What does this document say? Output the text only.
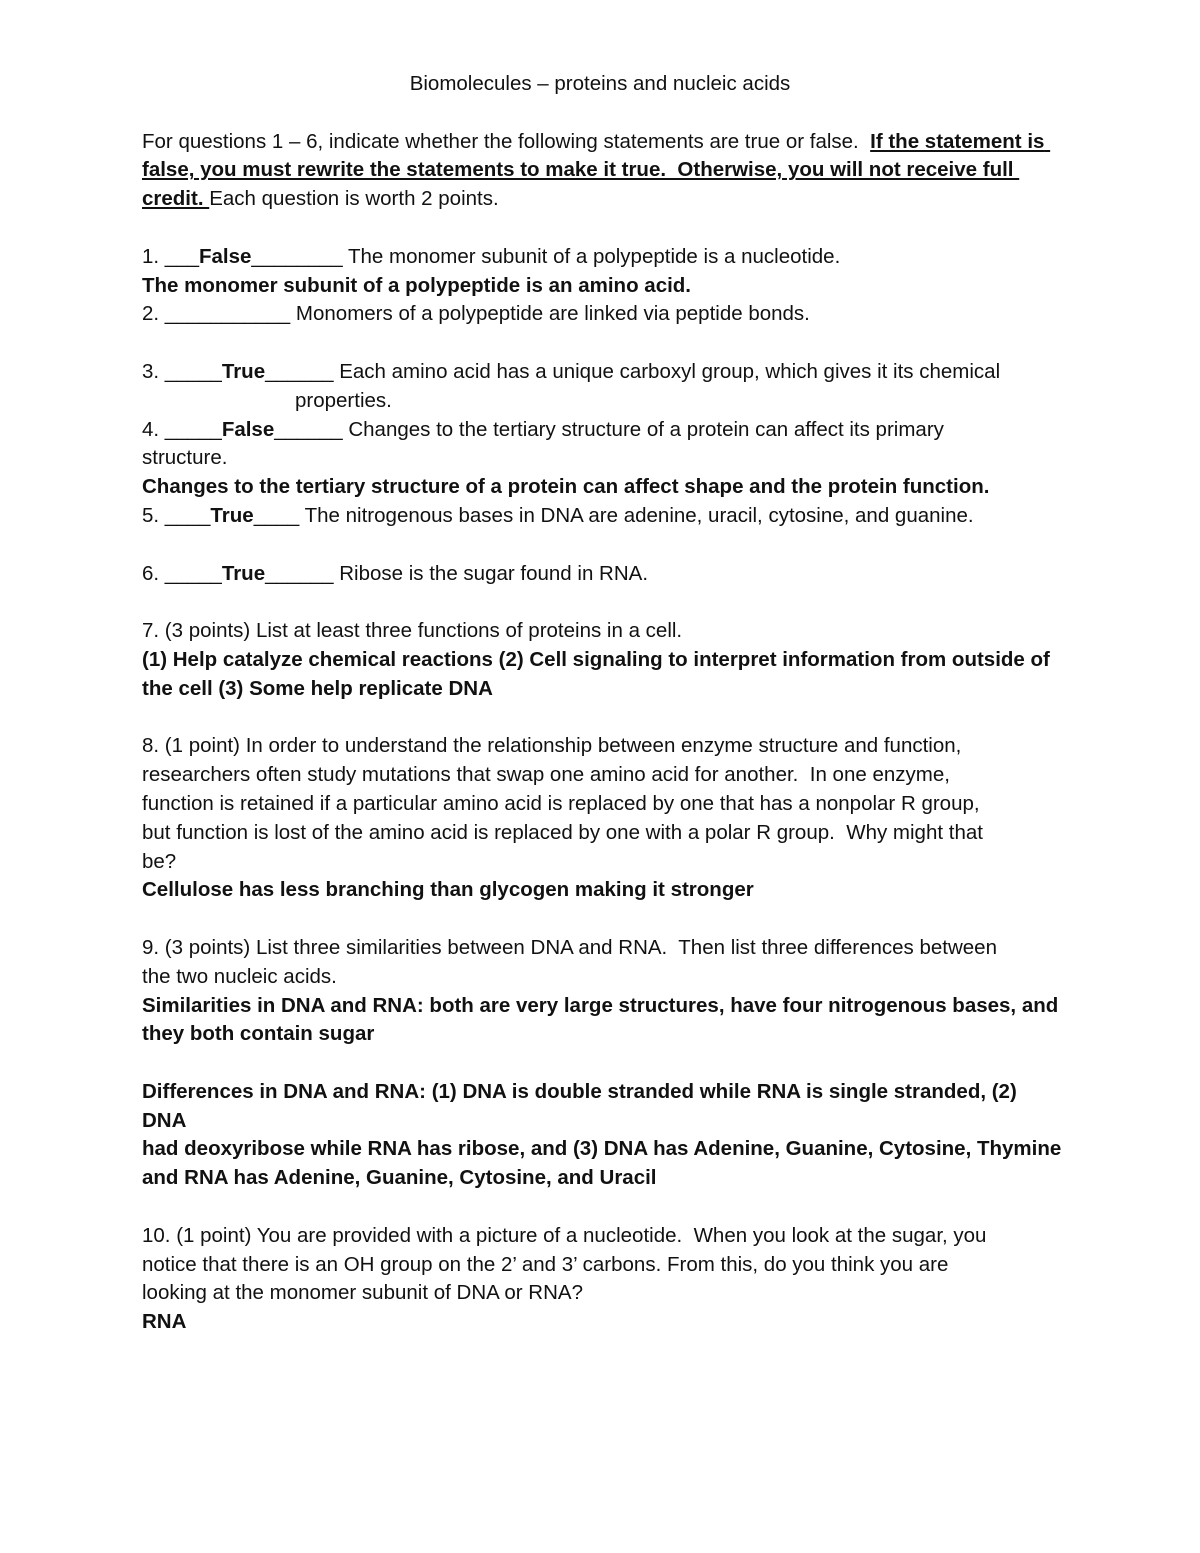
Biomolecules – proteins and nucleic acids

For questions 1 – 6, indicate whether the following statements are true or false.  If the statement is false, you must rewrite the statements to make it true.  Otherwise, you will not receive full credit. Each question is worth 2 points.

1. ___False________ The monomer subunit of a polypeptide is a nucleotide.

The monomer subunit of a polypeptide is an amino acid.

2. ___________ Monomers of a polypeptide are linked via peptide bonds.

3. _____True______ Each amino acid has a unique carboxyl group, which gives it its chemical

properties.

4. _____False______ Changes to the tertiary structure of a protein can affect its primary

structure.

Changes to the tertiary structure of a protein can affect shape and the protein function.

5. ____True____ The nitrogenous bases in DNA are adenine, uracil, cytosine, and guanine.

6. _____True______ Ribose is the sugar found in RNA.

7. (3 points) List at least three functions of proteins in a cell.

(1) Help catalyze chemical reactions (2) Cell signaling to interpret information from outside of

the cell (3) Some help replicate DNA

8. (1 point) In order to understand the relationship between enzyme structure and function,

researchers often study mutations that swap one amino acid for another.  In one enzyme,

function is retained if a particular amino acid is replaced by one that has a nonpolar R group,

but function is lost of the amino acid is replaced by one with a polar R group.  Why might that

be?

Cellulose has less branching than glycogen making it stronger

9. (3 points) List three similarities between DNA and RNA.  Then list three differences between

the two nucleic acids.

Similarities in DNA and RNA: both are very large structures, have four nitrogenous bases, and

they both contain sugar

Differences in DNA and RNA: (1) DNA is double stranded while RNA is single stranded, (2) DNA

had deoxyribose while RNA has ribose, and (3) DNA has Adenine, Guanine, Cytosine, Thymine

and RNA has Adenine, Guanine, Cytosine, and Uracil

10. (1 point) You are provided with a picture of a nucleotide.  When you look at the sugar, you

notice that there is an OH group on the 2’ and 3’ carbons. From this, do you think you are

looking at the monomer subunit of DNA or RNA?

RNA
